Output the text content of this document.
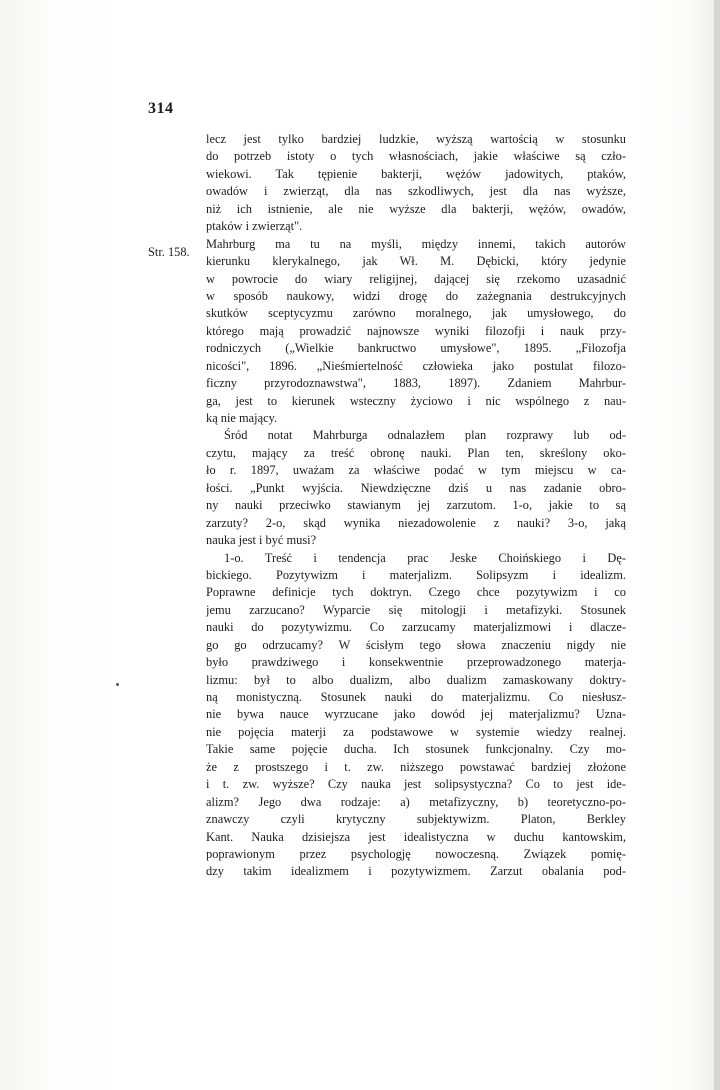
314
Str. 158.
lecz jest tylko bardziej ludzkie, wyższą wartością w stosunku
do potrzeb istoty o tych własnościach, jakie właściwe są czło-
wiekowi. Tak tępienie bakterji, wężów jadowitych, ptaków,
owadów i zwierząt, dla nas szkodliwych, jest dla nas wyższe,
niż ich istnienie, ale nie wyższe dla bakterji, wężów, owadów,
ptaków i zwierząt".
Mahrburg ma tu na myśli, między innemi, takich autorów
kierunku klerykalnego, jak Wł. M. Dębicki, który jedynie
w powrocie do wiary religijnej, dającej się rzekomo uzasadnić
w sposób naukowy, widzi drogę do zażegnania destrukcyjnych
skutków sceptycyzmu zarówno moralnego, jak umysłowego, do
którego mają prowadzić najnowsze wyniki filozofji i nauk przy-
rodniczych („Wielkie bankructwo umysłowe", 1895. „Filozofja
nicości", 1896. „Nieśmiertelność człowieka jako postulat filozo-
ficzny przyrodoznawstwa", 1883, 1897). Zdaniem Mahrbur-
ga, jest to kierunek wsteczny życiowo i nic wspólnego z nau-
ką nie mający.
Śród notat Mahrburga odnalazłem plan rozprawy lub od-
czytu, mający za treść obronę nauki. Plan ten, skreślony oko-
ło r. 1897, uważam za właściwe podać w tym miejscu w ca-
łości. „Punkt wyjścia. Niewdzięczne dziś u nas zadanie obro-
ny nauki przeciwko stawianym jej zarzutom. 1-o, jakie to są
zarzuty? 2-o, skąd wynika niezadowolenie z nauki? 3-o, jaką
nauka jest i być musi?
1-o. Treść i tendencja prac Jeske Choińskiego i Dę-
bickiego. Pozytywizm i materjalizm. Solipsyzm i idealizm.
Poprawne definicje tych doktryn. Czego chce pozytywizm i co
jemu zarzucano? Wyparcie się mitologji i metafizyki. Stosunek
nauki do pozytywizmu. Co zarzucamy materjalizmowi i dlacze-
go go odrzucamy? W ścisłym tego słowa znaczeniu nigdy nie
było prawdziwego i konsekwentnie przeprowadzonego materja-
lizmu: był to albo dualizm, albo dualizm zamaskowany doktry-
ną monistyczną. Stosunek nauki do materjalizmu. Co niesłusz-
nie bywa nauce wyrzucane jako dowód jej materjalizmu? Uzna-
nie pojęcia materji za podstawowe w systemie wiedzy realnej.
Takie same pojęcie ducha. Ich stosunek funkcjonalny. Czy mo-
że z prostszego i t. zw. niższego powstawać bardziej złożone
i t. zw. wyższe? Czy nauka jest solipsystyczna? Co to jest ide-
alizm? Jego dwa rodzaje: a) metafizyczny, b) teoretyczno-po-
znawczy czyli krytyczny subjektywizm. Platon, Berkley
Kant. Nauka dzisiejsza jest idealistyczna w duchu kantowskim,
poprawionym przez psychologję nowoczesną. Związek pomię-
dzy takim idealizmem i pozytywizmem. Zarzut obalania pod-
